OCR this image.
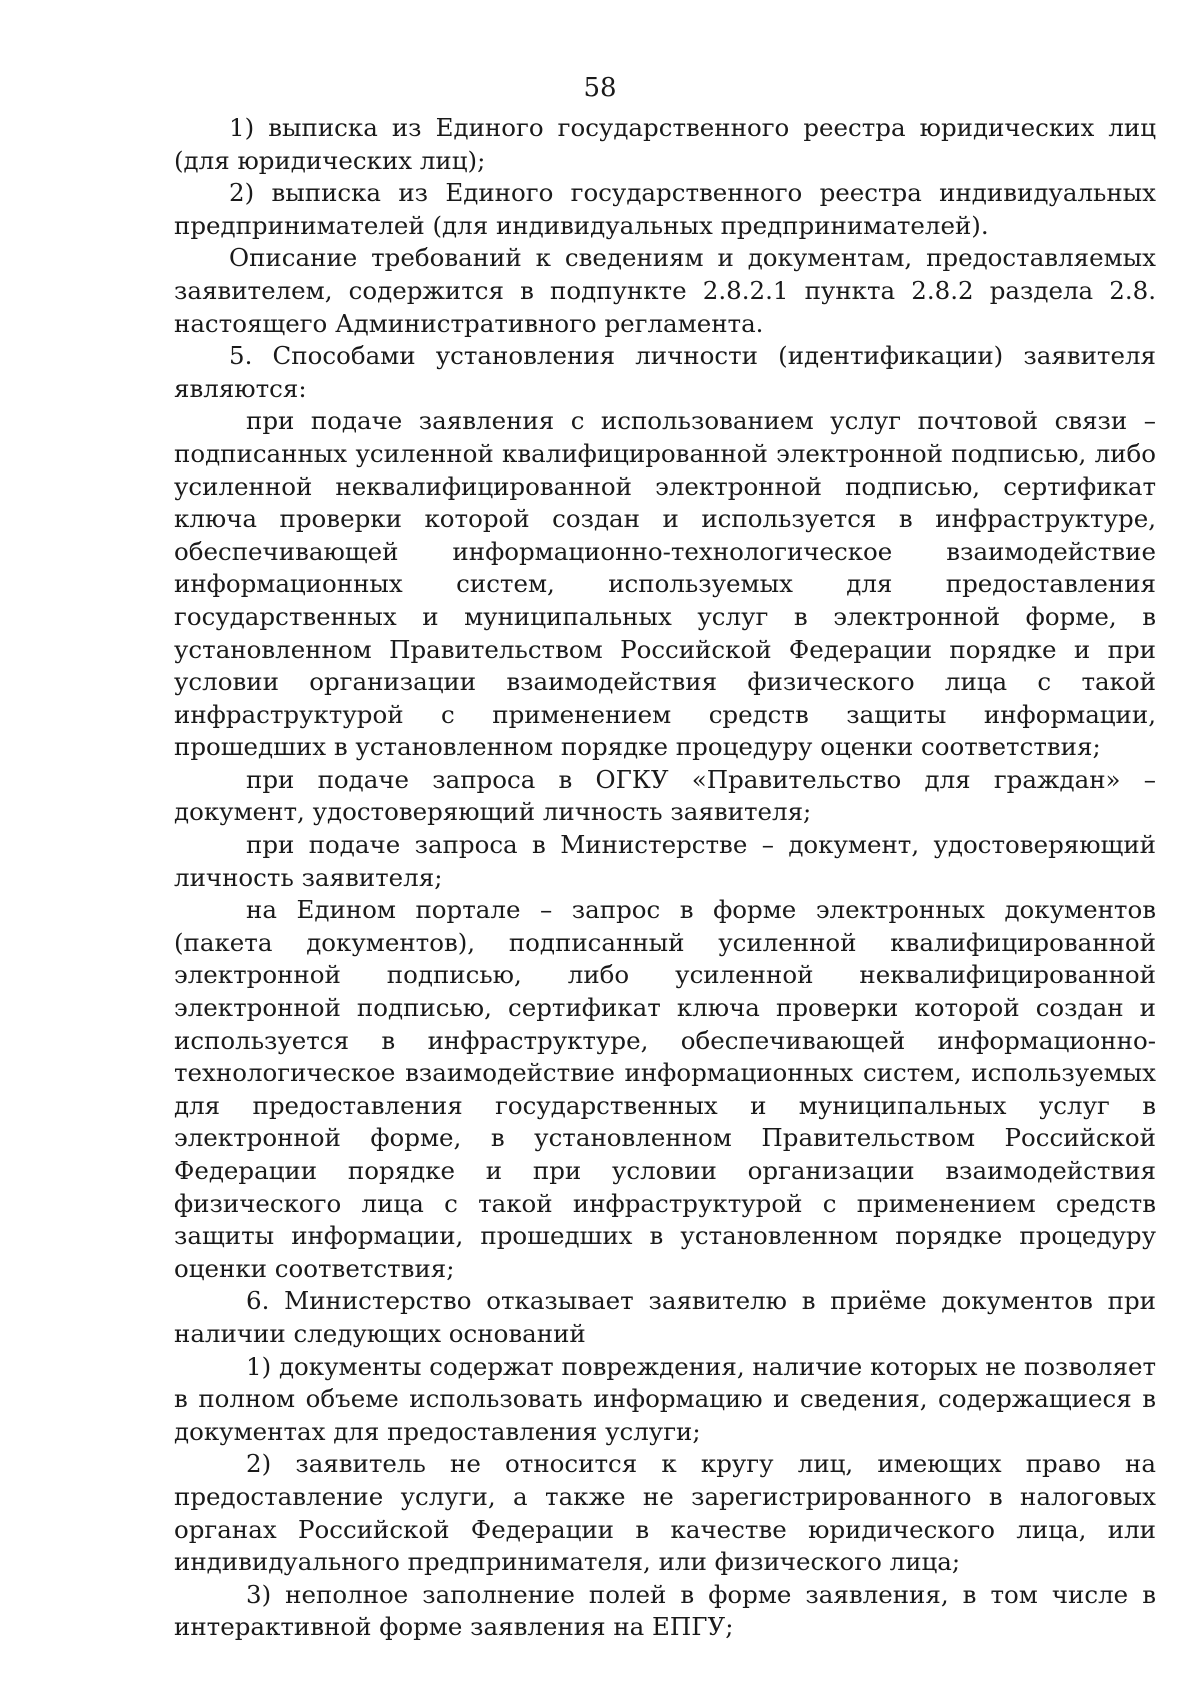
58

1) выписка из Единого государственного реестра юридических лиц (для юридических лиц);

2) выписка из Единого государственного реестра индивидуальных предпринимателей (для индивидуальных предпринимателей).

Описание требований к сведениям и документам, предоставляемых заявителем, содержится в подпункте 2.8.2.1 пункта 2.8.2 раздела 2.8. настоящего Административного регламента.

5. Способами установления личности (идентификации) заявителя являются:

при подаче заявления с использованием услуг почтовой связи – подписанных усиленной квалифицированной электронной подписью, либо усиленной неквалифицированной электронной подписью, сертификат ключа проверки которой создан и используется в инфраструктуре, обеспечивающей информационно-технологическое взаимодействие информационных систем, используемых для предоставления государственных и муниципальных услуг в электронной форме, в установленном Правительством Российской Федерации порядке и при условии организации взаимодействия физического лица с такой инфраструктурой с применением средств защиты информации, прошедших в установленном порядке процедуру оценки соответствия;

при подаче запроса в ОГКУ «Правительство для граждан» – документ, удостоверяющий личность заявителя;

при подаче запроса в Министерстве – документ, удостоверяющий личность заявителя;

на Едином портале – запрос в форме электронных документов (пакета документов), подписанный усиленной квалифицированной электронной подписью, либо усиленной неквалифицированной электронной подписью, сертификат ключа проверки которой создан и используется в инфраструктуре, обеспечивающей информационно-технологическое взаимодействие информационных систем, используемых для предоставления государственных и муниципальных услуг в электронной форме, в установленном Правительством Российской Федерации порядке и при условии организации взаимодействия физического лица с такой инфраструктурой с применением средств защиты информации, прошедших в установленном порядке процедуру оценки соответствия;

6. Министерство отказывает заявителю в приёме документов при наличии следующих оснований

1) документы содержат повреждения, наличие которых не позволяет в полном объеме использовать информацию и сведения, содержащиеся в документах для предоставления услуги;

2) заявитель не относится к кругу лиц, имеющих право на предоставление услуги, а также не зарегистрированного в налоговых органах Российской Федерации в качестве юридического лица, или индивидуального предпринимателя, или физического лица;

3) неполное заполнение полей в форме заявления, в том числе в интерактивной форме заявления на ЕПГУ;
